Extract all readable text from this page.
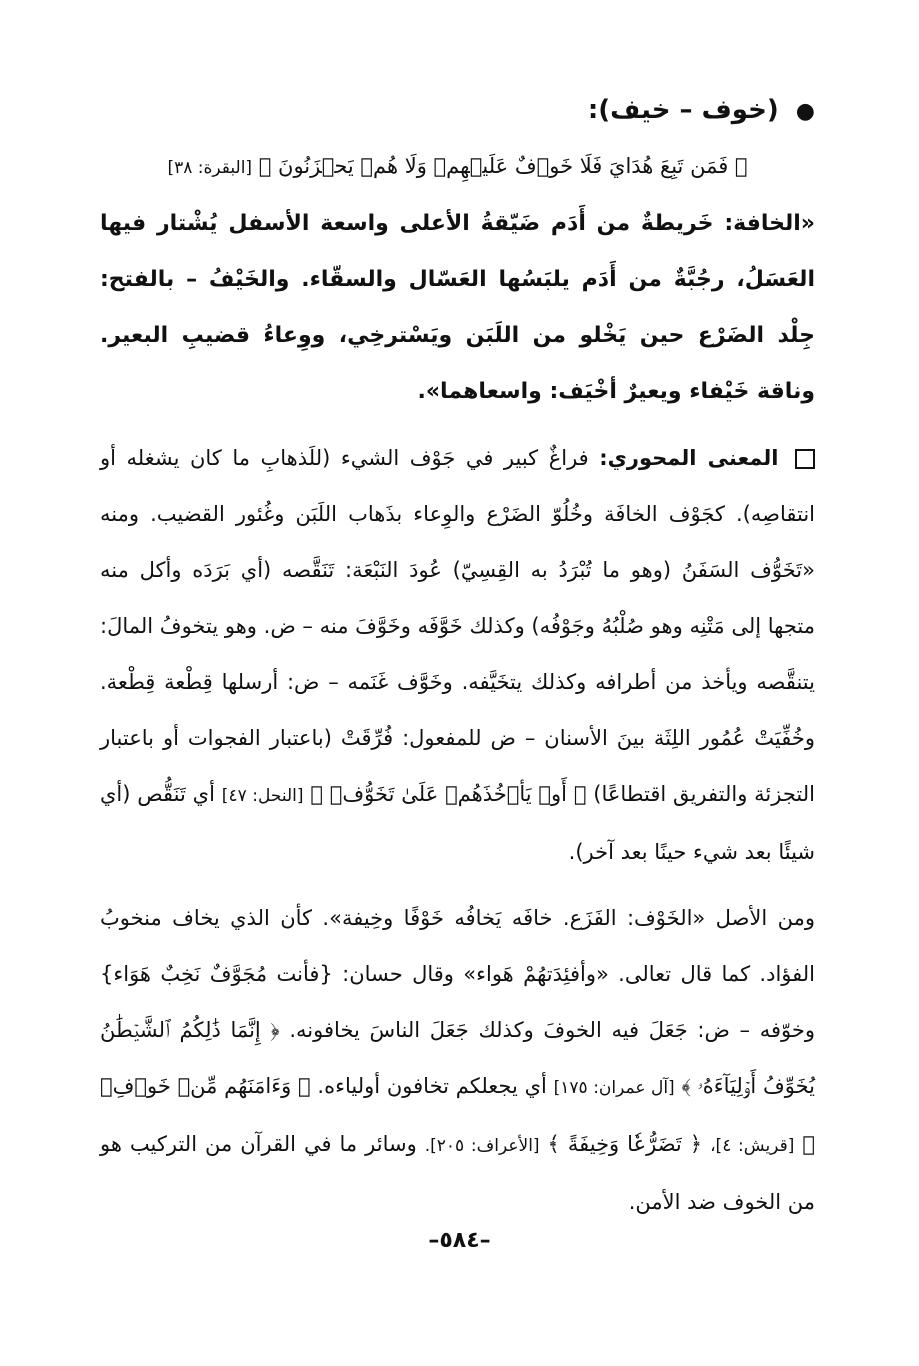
● (خوف – خيف):
﴿ فَمَن تَبِعَ هُدَايَ فَلَا خَوۡفٌ عَلَيۡهِمۡ وَلَا هُمۡ يَحۡزَنُونَ ﴾ [البقرة: ٣٨]
«الخافة: خَريطةٌ من أَدَم ضَيّقةُ الأعلى واسعة الأسفل يُشْتار فيها العَسَلُ، رجُبَّةٌ من أَدَم يلبَسُها العَسّال والسقّاء. والخَيْفُ – بالفتح: جِلْد الضَرْع حين يَخْلو من اللَبَن ويَسْترخِي، ووِعاءُ قضيبِ البعير. وناقة خَيْفاء ويعيرٌ أخْيَف: واسعاهما».
المعنى المحوري: فراغٌ كبير في جَوْف الشيء (للَذهابِ ما كان يشغله أو انتقاصِه). كجَوْف الخافَة وخُلُوّ الضَرْع والوِعاء بذَهاب اللَبَن وغُئور القضيب. ومنه «تَخَوُّف السَفَنُ (وهو ما تُبْرَدُ به القِسِيّ) عُودَ النَبْعَة: تَنَقَّصه (أي بَرَدَه وأكل منه متجها إلى مَتْنِه وهو صُلْبُهُ وجَوْفُه) وكذلك خَوَّفَه وخَوَّفَ منه – ض. وهو يتخوفُ المالَ: يتنقَّصه ويأخذ من أطرافه وكذلك يتخَيَّفه. وخَوَّف غَنَمه – ض: أرسلها قِطْعة قِطْعة. وخُفِّيَتْ عُمُور اللِثَة بينَ الأسنان – ض للمفعول: فُرِّقَتْ (باعتبار الفجوات أو باعتبار التجزئة والتفريق اقتطاعًا) ﴿ أَوۡ يَأۡخُذَهُمۡ عَلَىٰ تَخَوُّفٖ ﴾ [النحل: ٤٧] أي تَنَقُّص (أي شيئًا بعد شيء حينًا بعد آخر).
ومن الأصل «الخَوْف: الفَزَع. خافَه يَخافُه خَوْفًا وخِيفة». كأن الذي يخاف منخوبُ الفؤاد. كما قال تعالى. «وأفئِدَتهُمْ هَواء» وقال حسان: {فأنت مُجَوَّفٌ نَخِبٌ هَوَاء} وخوّفه – ض: جَعَلَ فيه الخوفَ وكذلك جَعَلَ الناسَ يخافونه. ﴿ إِنَّمَا ذَٰلِكُمُ ٱلشَّيۡطَٰنُ يُخَوِّفُ أَوۡلِيَآءَهُۥ ﴾ [آل عمران: ١٧٥] أي يجعلكم تخافون أولياءه. ﴿ وَءَامَنَهُم مِّنۡ خَوۡفِۭ ﴾ [قريش: ٤]، ﴿ تَضَرُّعٗا وَخِيفَةً ﴾ [الأعراف: ٢٠٥]. وسائر ما في القرآن من التركيب هو من الخوف ضد الأمن.
–٥٨٤–
